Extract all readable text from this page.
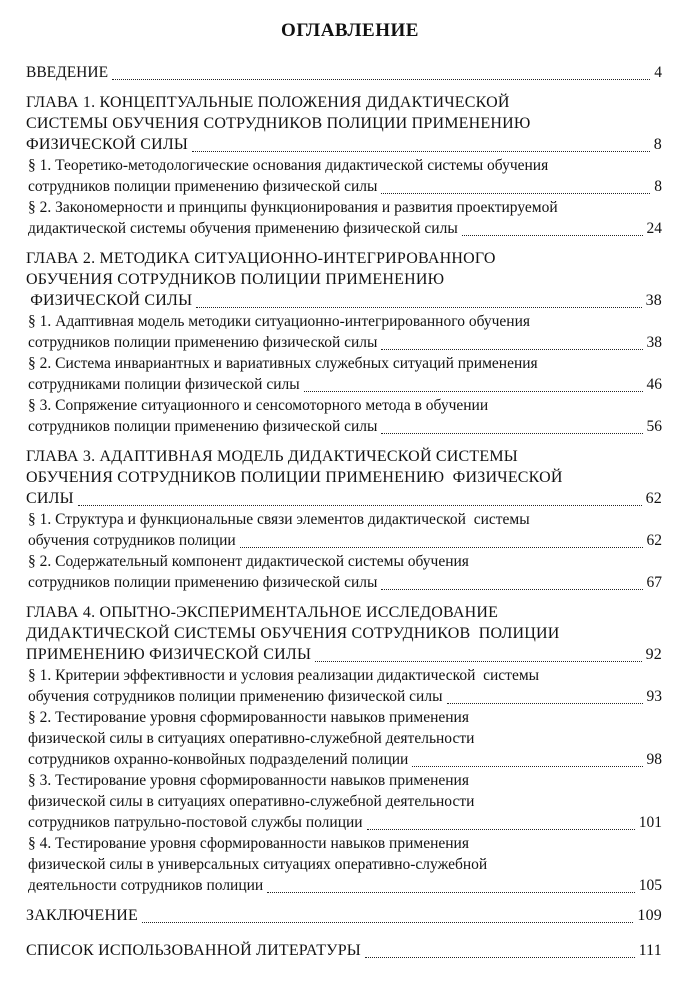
ОГЛАВЛЕНИЕ
ВВЕДЕНИЕ	4
ГЛАВА 1. КОНЦЕПТУАЛЬНЫЕ ПОЛОЖЕНИЯ ДИДАКТИЧЕСКОЙ
СИСТЕМЫ ОБУЧЕНИЯ СОТРУДНИКОВ ПОЛИЦИИ ПРИМЕНЕНИЮ
ФИЗИЧЕСКОЙ СИЛЫ	8
§ 1. Теоретико-методологические основания дидактической системы обучения
сотрудников полиции применению физической силы	8
§ 2. Закономерности и принципы функционирования и развития проектируемой
дидактической системы обучения применению физической силы	24
ГЛАВА 2. МЕТОДИКА СИТУАЦИОННО-ИНТЕГРИРОВАННОГО
ОБУЧЕНИЯ СОТРУДНИКОВ ПОЛИЦИИ ПРИМЕНЕНИЮ
ФИЗИЧЕСКОЙ СИЛЫ	38
§ 1. Адаптивная модель методики ситуационно-интегрированного обучения
сотрудников полиции применению физической силы	38
§ 2. Система инвариантных и вариативных служебных ситуаций применения
сотрудниками полиции физической силы	46
§ 3. Сопряжение ситуационного и сенсомоторного метода в обучении
сотрудников полиции применению физической силы	56
ГЛАВА 3. АДАПТИВНАЯ МОДЕЛЬ ДИДАКТИЧЕСКОЙ СИСТЕМЫ
ОБУЧЕНИЯ СОТРУДНИКОВ ПОЛИЦИИ ПРИМЕНЕНИЮ  ФИЗИЧЕСКОЙ
СИЛЫ	62
§ 1. Структура и функциональные связи элементов дидактической  системы
обучения сотрудников полиции	62
§ 2. Содержательный компонент дидактической системы обучения
сотрудников полиции применению физической силы	67
ГЛАВА 4. ОПЫТНО-ЭКСПЕРИМЕНТАЛЬНОЕ ИССЛЕДОВАНИЕ
ДИДАКТИЧЕСКОЙ СИСТЕМЫ ОБУЧЕНИЯ СОТРУДНИКОВ  ПОЛИЦИИ
ПРИМЕНЕНИЮ ФИЗИЧЕСКОЙ СИЛЫ	92
§ 1. Критерии эффективности и условия реализации дидактической  системы
обучения сотрудников полиции применению физической силы	93
§ 2. Тестирование уровня сформированности навыков применения
физической силы в ситуациях оперативно-служебной деятельности
сотрудников охранно-конвойных подразделений полиции	98
§ 3. Тестирование уровня сформированности навыков применения
физической силы в ситуациях оперативно-служебной деятельности
сотрудников патрульно-постовой службы полиции	101
§ 4. Тестирование уровня сформированности навыков применения
физической силы в универсальных ситуациях оперативно-служебной
деятельности сотрудников полиции	105
ЗАКЛЮЧЕНИЕ	109
СПИСОК ИСПОЛЬЗОВАННОЙ ЛИТЕРАТУРЫ	111
